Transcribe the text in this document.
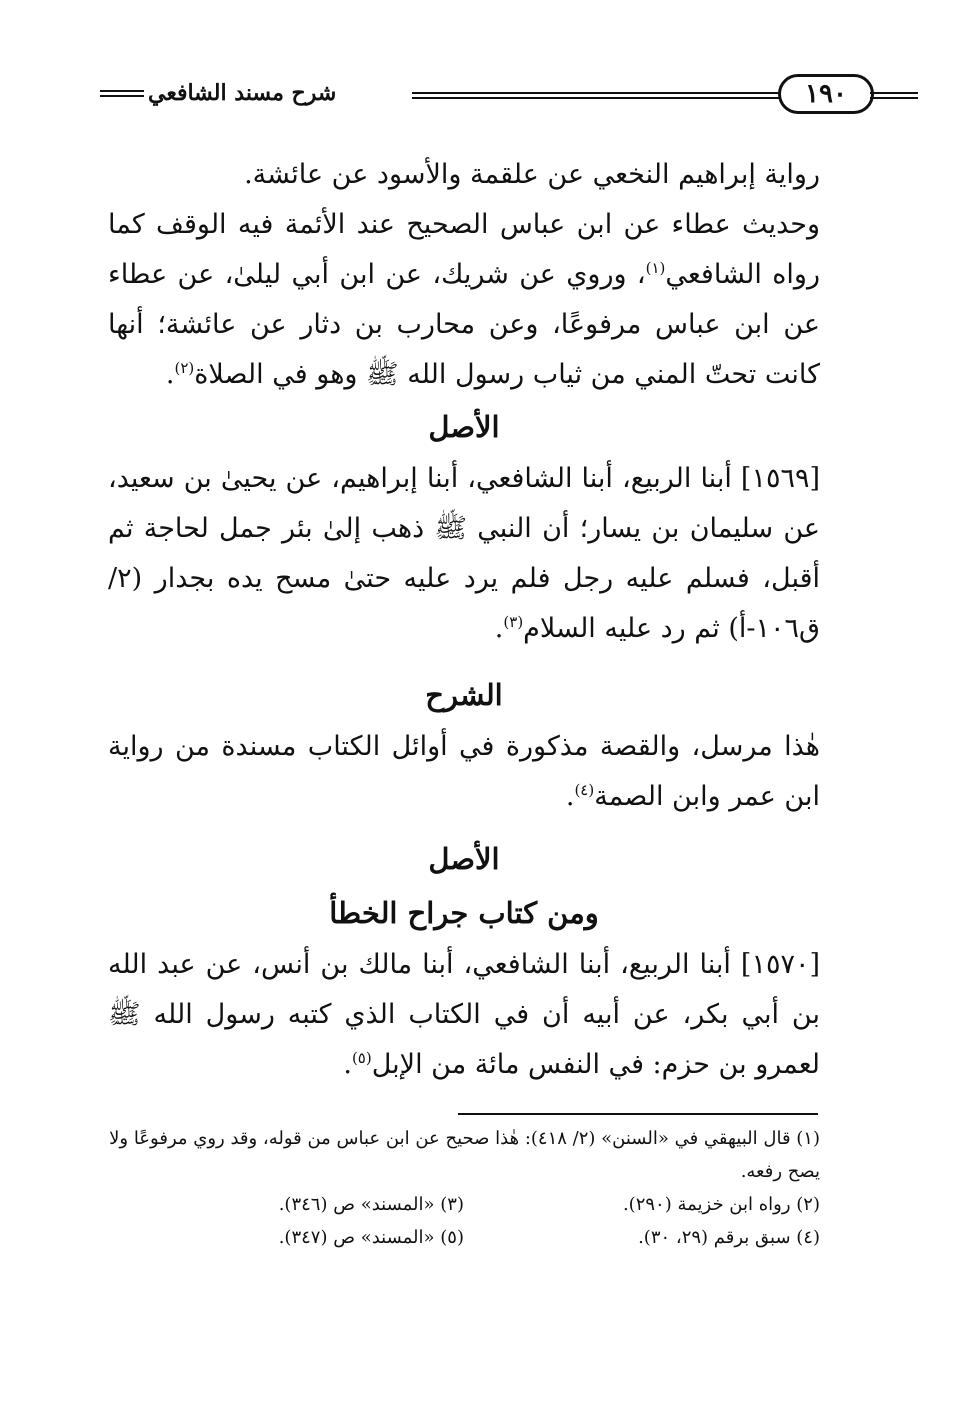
شرح مسند الشافعي	١٩٠

رواية إبراهيم النخعي عن علقمة والأسود عن عائشة.

وحديث عطاء عن ابن عباس الصحيح عند الأئمة فيه الوقف كما رواه الشافعي$^{(١)}$، وروي عن شريك، عن ابن أبي ليلىٰ، عن عطاء عن ابن عباس مرفوعًا، وعن محارب بن دثار عن عائشة؛ أنها كانت تحتّ المني من ثياب رسول الله ﷺ وهو في الصلاة$^{(٢)}$.

الأصل

[١٥٦٩] أبنا الربيع، أبنا الشافعي، أبنا إبراهيم، عن يحيىٰ بن سعيد، عن سليمان بن يسار؛ أن النبي ﷺ ذهب إلىٰ بئر جمل لحاجة ثم أقبل، فسلم عليه رجل فلم يرد عليه حتىٰ مسح يده بجدار (٢/ق١٠٦-أ) ثم رد عليه السلام$^{(٣)}$.

الشرح

هٰذا مرسل، والقصة مذكورة في أوائل الكتاب مسندة من رواية ابن عمر وابن الصمة$^{(٤)}$.

الأصل

ومن كتاب جراح الخطأ

[١٥٧٠] أبنا الربيع، أبنا الشافعي، أبنا مالك بن أنس، عن عبد الله بن أبي بكر، عن أبيه أن في الكتاب الذي كتبه رسول الله ﷺ لعمرو بن حزم: في النفس مائة من الإبل$^{(٥)}$.

(١) قال البيهقي في «السنن» (٢/ ٤١٨): هٰذا صحيح عن ابن عباس من قوله، وقد روي مرفوعًا ولا يصح رفعه.
(٢) رواه ابن خزيمة (٢٩٠).
(٣) «المسند» ص (٣٤٦).
(٤) سبق برقم (٢٩، ٣٠).
(٥) «المسند» ص (٣٤٧).
